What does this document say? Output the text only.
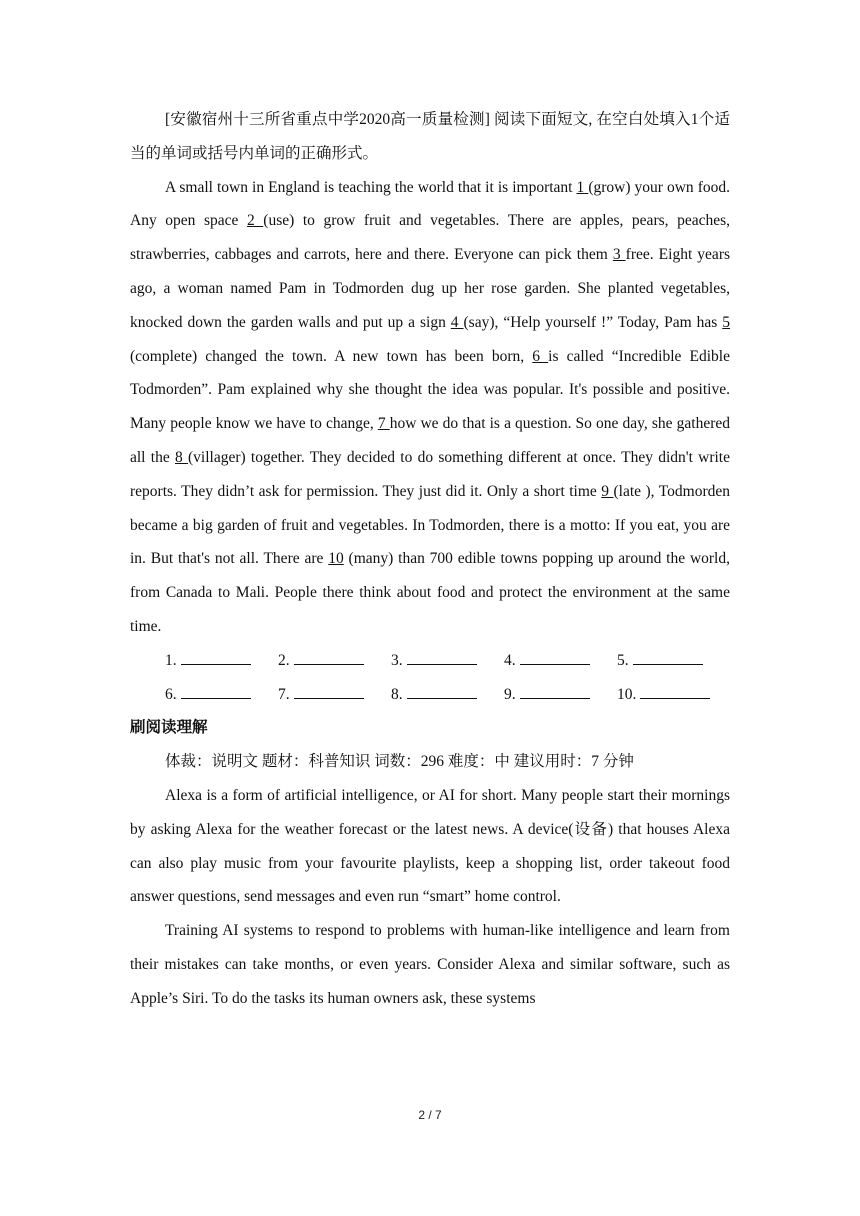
[安徽宿州十三所省重点中学2020高一质量检测] 阅读下面短文, 在空白处填入1个适当的单词或括号内单词的正确形式。

A small town in England is teaching the world that it is important 1 (grow) your own food. Any open space 2 (use) to grow fruit and vegetables. There are apples, pears, peaches, strawberries, cabbages and carrots, here and there. Everyone can pick them 3 free. Eight years ago, a woman named Pam in Todmorden dug up her rose garden. She planted vegetables, knocked down the garden walls and put up a sign 4 (say), “Help yourself !” Today, Pam has 5 (complete) changed the town. A new town has been born, 6 is called “Incredible Edible Todmorden”. Pam explained why she thought the idea was popular. It's possible and positive. Many people know we have to change, 7 how we do that is a question. So one day, she gathered all the 8 (villager) together. They decided to do something different at once. They didn't write reports. They didn’t ask for permission. They just did it. Only a short time 9 (late ), Todmorden became a big garden of fruit and vegetables. In Todmorden, there is a motto: If you eat, you are in. But that's not all. There are 10 (many) than 700 edible towns popping up around the world, from Canada to Mali. People there think about food and protect the environment at the same time.

1.	2.	3.	4.	5.
6.	7.	8.	9.	10.

刷阅读理解

体裁：说明文 题材：科普知识 词数：296 难度：中 建议用时：7 分钟

Alexa is a form of artificial intelligence, or AI for short. Many people start their mornings by asking Alexa for the weather forecast or the latest news. A device(设备) that houses Alexa can also play music from your favourite playlists, keep a shopping list, order takeout food answer questions, send messages and even run “smart” home control.

Training AI systems to respond to problems with human-like intelligence and learn from their mistakes can take months, or even years. Consider Alexa and similar software, such as Apple’s Siri. To do the tasks its human owners ask, these systems

2 / 7
